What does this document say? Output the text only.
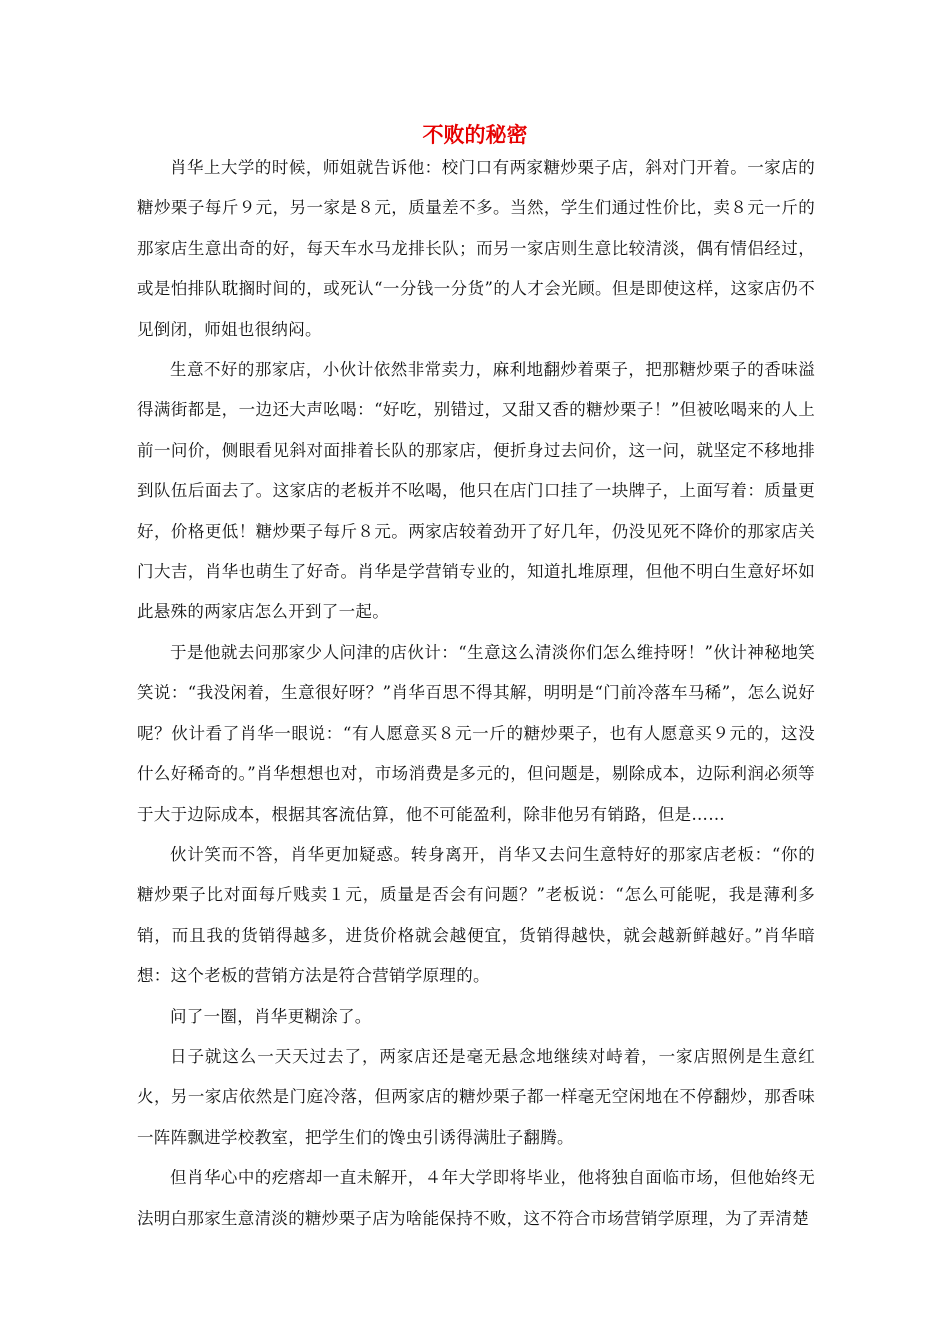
不败的秘密

肖华上大学的时候，师姐就告诉他：校门口有两家糖炒栗子店，斜对门开着。一家店的糖炒栗子每斤９元，另一家是８元，质量差不多。当然，学生们通过性价比，卖８元一斤的那家店生意出奇的好，每天车水马龙排长队；而另一家店则生意比较清淡，偶有情侣经过，或是怕排队耽搁时间的，或死认“一分钱一分货”的人才会光顾。但是即使这样，这家店仍不见倒闭，师姐也很纳闷。

生意不好的那家店，小伙计依然非常卖力，麻利地翻炒着栗子，把那糖炒栗子的香味溢得满街都是，一边还大声吆喝：“好吃，别错过，又甜又香的糖炒栗子！”但被吆喝来的人上前一问价，侧眼看见斜对面排着长队的那家店，便折身过去问价，这一问，就坚定不移地排到队伍后面去了。这家店的老板并不吆喝，他只在店门口挂了一块牌子，上面写着：质量更好，价格更低！糖炒栗子每斤８元。两家店较着劲开了好几年，仍没见死不降价的那家店关门大吉，肖华也萌生了好奇。肖华是学营销专业的，知道扎堆原理，但他不明白生意好坏如此悬殊的两家店怎么开到了一起。

于是他就去问那家少人问津的店伙计：“生意这么清淡你们怎么维持呀！”伙计神秘地笑笑说：“我没闲着，生意很好呀？”肖华百思不得其解，明明是“门前冷落车马稀”，怎么说好呢？伙计看了肖华一眼说：“有人愿意买８元一斤的糖炒栗子，也有人愿意买９元的，这没什么好稀奇的。”肖华想想也对，市场消费是多元的，但问题是，剔除成本，边际利润必须等于大于边际成本，根据其客流估算，他不可能盈利，除非他另有销路，但是……

伙计笑而不答，肖华更加疑惑。转身离开，肖华又去问生意特好的那家店老板：“你的糖炒栗子比对面每斤贱卖１元，质量是否会有问题？”老板说：“怎么可能呢，我是薄利多销，而且我的货销得越多，进货价格就会越便宜，货销得越快，就会越新鲜越好。”肖华暗想：这个老板的营销方法是符合营销学原理的。

问了一圈，肖华更糊涂了。

日子就这么一天天过去了，两家店还是毫无悬念地继续对峙着，一家店照例是生意红火，另一家店依然是门庭冷落，但两家店的糖炒栗子都一样毫无空闲地在不停翻炒，那香味一阵阵飘进学校教室，把学生们的馋虫引诱得满肚子翻腾。

但肖华心中的疙瘩却一直未解开，４年大学即将毕业，他将独自面临市场，但他始终无法明白那家生意清淡的糖炒栗子店为啥能保持不败，这不符合市场营销学原理，为了弄清楚
